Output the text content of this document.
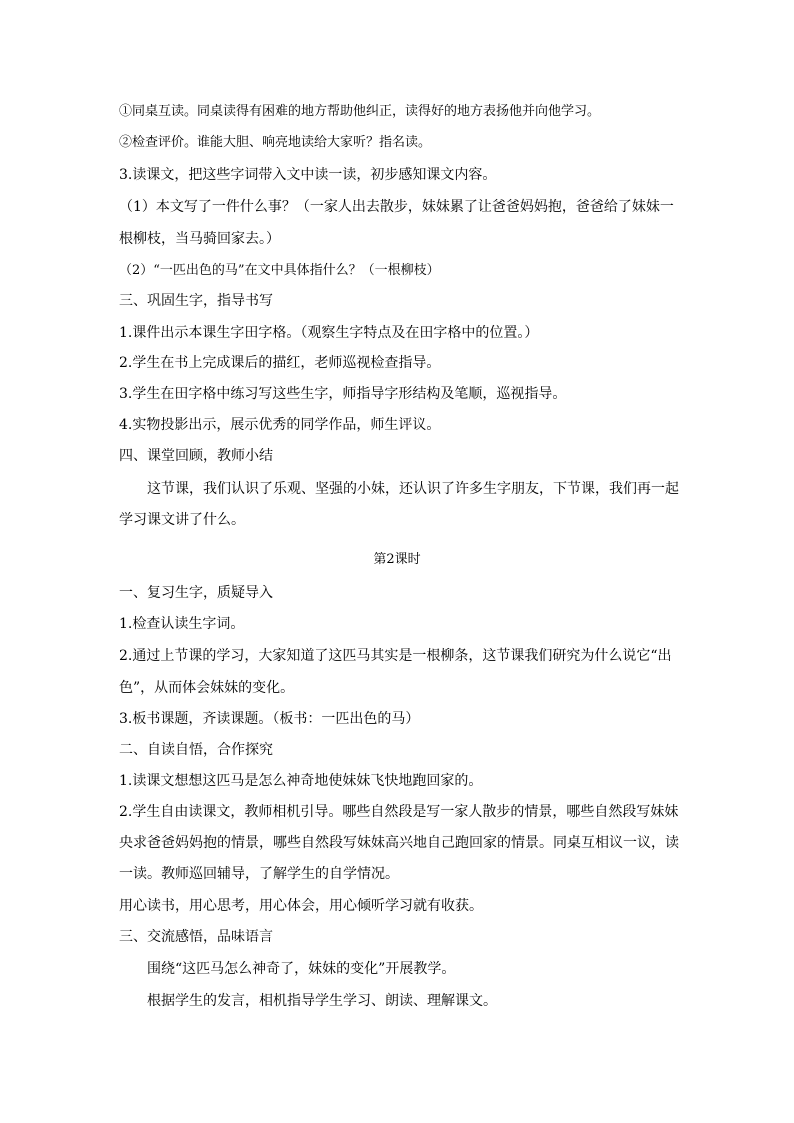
①同桌互读。同桌读得有困难的地方帮助他纠正，读得好的地方表扬他并向他学习。
②检查评价。谁能大胆、响亮地读给大家听？指名读。
3.读课文，把这些字词带入文中读一读，初步感知课文内容。
（1）本文写了一件什么事？（一家人出去散步，妹妹累了让爸爸妈妈抱，爸爸给了妹妹一
根柳枝，当马骑回家去。）
（2）“一匹出色的马”在文中具体指什么？（一根柳枝）
三、巩固生字，指导书写
1.课件出示本课生字田字格。（观察生字特点及在田字格中的位置。）
2.学生在书上完成课后的描红，老师巡视检查指导。
3.学生在田字格中练习写这些生字，师指导字形结构及笔顺，巡视指导。
4.实物投影出示，展示优秀的同学作品，师生评议。
四、课堂回顾，教师小结
这节课，我们认识了乐观、坚强的小妹，还认识了许多生字朋友，下节课，我们再一起
学习课文讲了什么。
第2课时
一、复习生字，质疑导入
1.检查认读生字词。
2.通过上节课的学习，大家知道了这匹马其实是一根柳条，这节课我们研究为什么说它“出
色”，从而体会妹妹的变化。
3.板书课题，齐读课题。（板书：一匹出色的马）
二、自读自悟，合作探究
1.读课文想想这匹马是怎么神奇地使妹妹飞快地跑回家的。
2.学生自由读课文，教师相机引导。哪些自然段是写一家人散步的情景，哪些自然段写妹妹
央求爸爸妈妈抱的情景，哪些自然段写妹妹高兴地自己跑回家的情景。同桌互相议一议，读
一读。教师巡回辅导，了解学生的自学情况。
用心读书，用心思考，用心体会，用心倾听学习就有收获。
三、交流感悟，品味语言
围绕“这匹马怎么神奇了，妹妹的变化”开展教学。
根据学生的发言，相机指导学生学习、朗读、理解课文。
